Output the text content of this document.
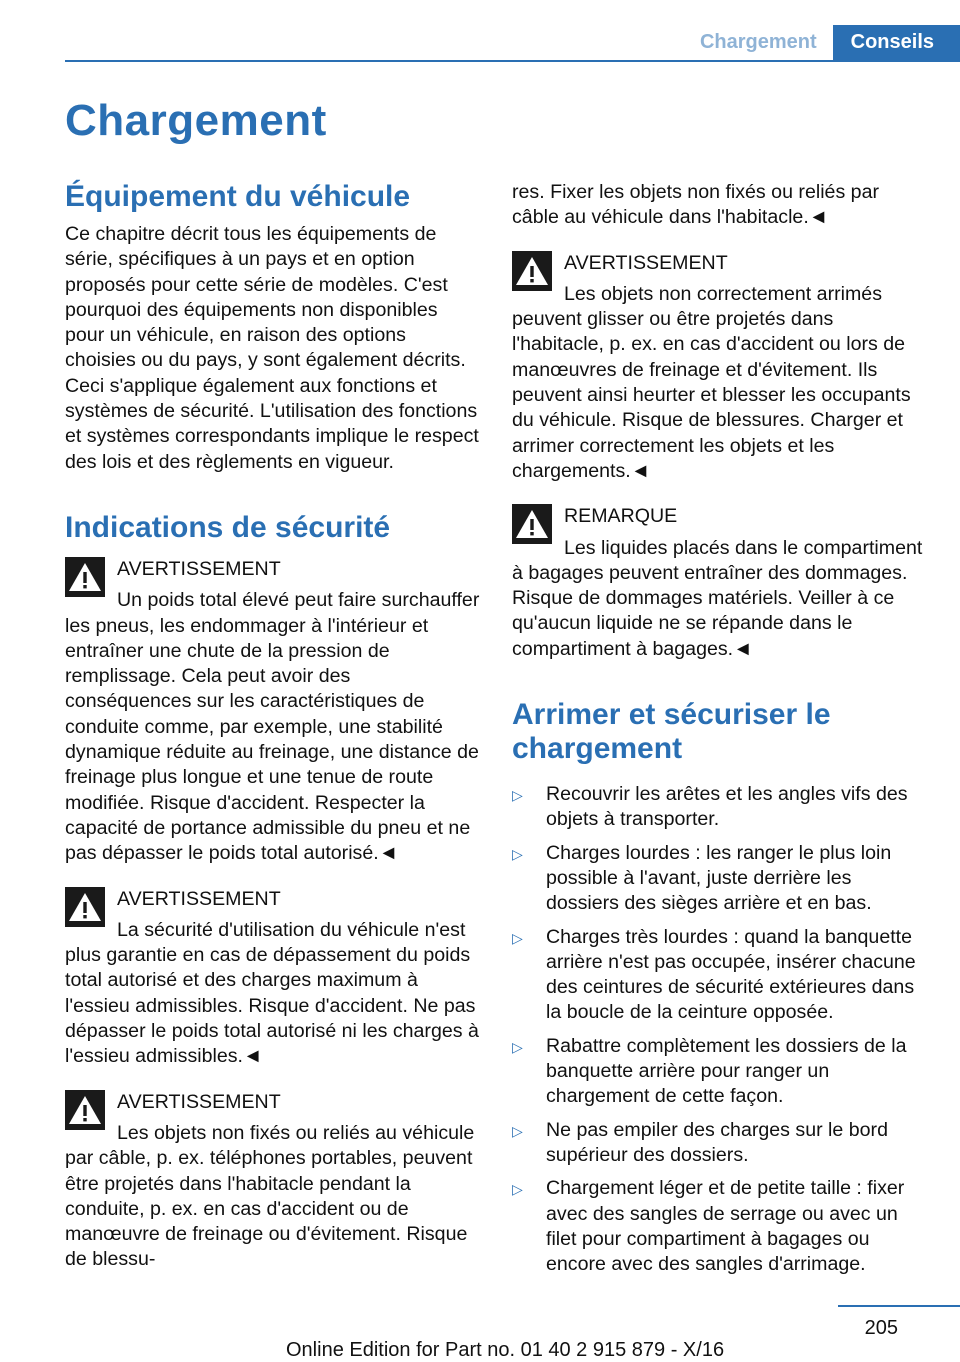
Chargement	Conseils
Chargement
Équipement du véhicule

Ce chapitre décrit tous les équipements de série, spécifiques à un pays et en option proposés pour cette série de modèles. C'est pourquoi des équipements non disponibles pour un véhicule, en raison des options choisies ou du pays, y sont également décrits. Ceci s'applique également aux fonctions et systèmes de sécurité. L'utilisation des fonctions et systèmes correspondants implique le respect des lois et des règlements en vigueur.

Indications de sécurité
AVERTISSEMENT

Un poids total élevé peut faire surchauffer les pneus, les endommager à l'intérieur et entraîner une chute de la pression de remplissage. Cela peut avoir des conséquences sur les caractéristiques de conduite comme, par exemple, une stabilité dynamique réduite au freinage, une distance de freinage plus longue et une tenue de route modifiée. Risque d'accident. Respecter la capacité de portance admissible du pneu et ne pas dépasser le poids total autorisé.◄

AVERTISSEMENT

La sécurité d'utilisation du véhicule n'est plus garantie en cas de dépassement du poids total autorisé et des charges maximum à l'essieu admissibles. Risque d'accident. Ne pas dépasser le poids total autorisé ni les charges à l'essieu admissibles.◄

AVERTISSEMENT

Les objets non fixés ou reliés au véhicule par câble, p. ex. téléphones portables, peuvent être projetés dans l'habitacle pendant la conduite, p. ex. en cas d'accident ou de manœuvre de freinage ou d'évitement. Risque de blessu-

res. Fixer les objets non fixés ou reliés par câble au véhicule dans l'habitacle.◄

AVERTISSEMENT

Les objets non correctement arrimés peuvent glisser ou être projetés dans l'habitacle, p. ex. en cas d'accident ou lors de manœuvres de freinage et d'évitement. Ils peuvent ainsi heurter et blesser les occupants du véhicule. Risque de blessures. Charger et arrimer correctement les objets et les chargements.◄

REMARQUE

Les liquides placés dans le compartiment à bagages peuvent entraîner des dommages. Risque de dommages matériels. Veiller à ce qu'aucun liquide ne se répande dans le compartiment à bagages.◄

Arrimer et sécuriser le chargement
▷ Recouvrir les arêtes et les angles vifs des objets à transporter.
▷ Charges lourdes : les ranger le plus loin possible à l'avant, juste derrière les dossiers des sièges arrière et en bas.
▷ Charges très lourdes : quand la banquette arrière n'est pas occupée, insérer chacune des ceintures de sécurité extérieures dans la boucle de la ceinture opposée.
▷ Rabattre complètement les dossiers de la banquette arrière pour ranger un chargement de cette façon.
▷ Ne pas empiler des charges sur le bord supérieur des dossiers.
▷ Chargement léger et de petite taille : fixer avec des sangles de serrage ou avec un filet pour compartiment à bagages ou encore avec des sangles d'arrimage.
205
Online Edition for Part no. 01 40 2 915 879 - X/16
